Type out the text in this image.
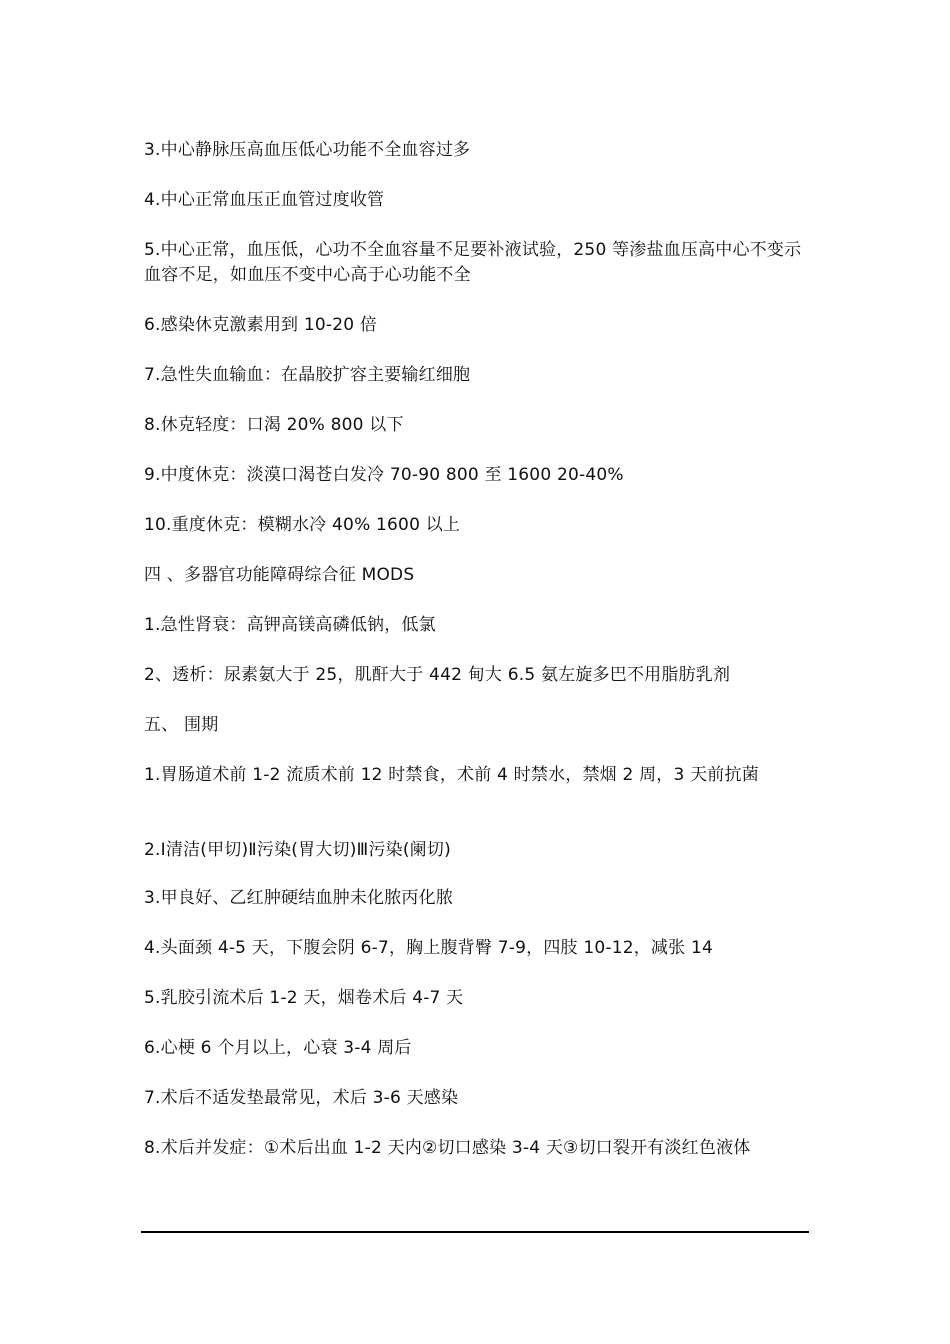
3.中心静脉压高血压低心功能不全血容过多
4.中心正常血压正血管过度收管
5.中心正常，血压低，心功不全血容量不足要补液试验，250 等渗盐血压高中心不变示血容不足，如血压不变中心高于心功能不全
6.感染休克激素用到 10-20 倍
7.急性失血输血：在晶胶扩容主要输红细胞
8.休克轻度：口渴 20% 800 以下
9.中度休克：淡漠口渴苍白发冷 70-90 800 至 1600 20-40%
10.重度休克：模糊水冷 40% 1600 以上
四 、多器官功能障碍综合征 MODS
1.急性肾衰：高钾高镁高磷低钠，低氯
2、透析：尿素氨大于 25，肌酐大于 442 甸大 6.5 氨左旋多巴不用脂肪乳剂
五、 围期
1.胃肠道术前 1-2 流质术前 12 时禁食，术前 4 时禁水，禁烟 2 周，3 天前抗菌
2.Ⅰ清洁(甲切)Ⅱ污染(胃大切)Ⅲ污染(阑切)
3.甲良好、乙红肿硬结血肿未化脓丙化脓
4.头面颈 4-5 天，下腹会阴 6-7，胸上腹背臀 7-9，四肢 10-12，减张 14
5.乳胶引流术后 1-2 天，烟卷术后 4-7 天
6.心梗 6 个月以上，心衰 3-4 周后
7.术后不适发垫最常见，术后 3-6 天感染
8.术后并发症：①术后出血 1-2 天内②切口感染 3-4 天③切口裂开有淡红色液体
